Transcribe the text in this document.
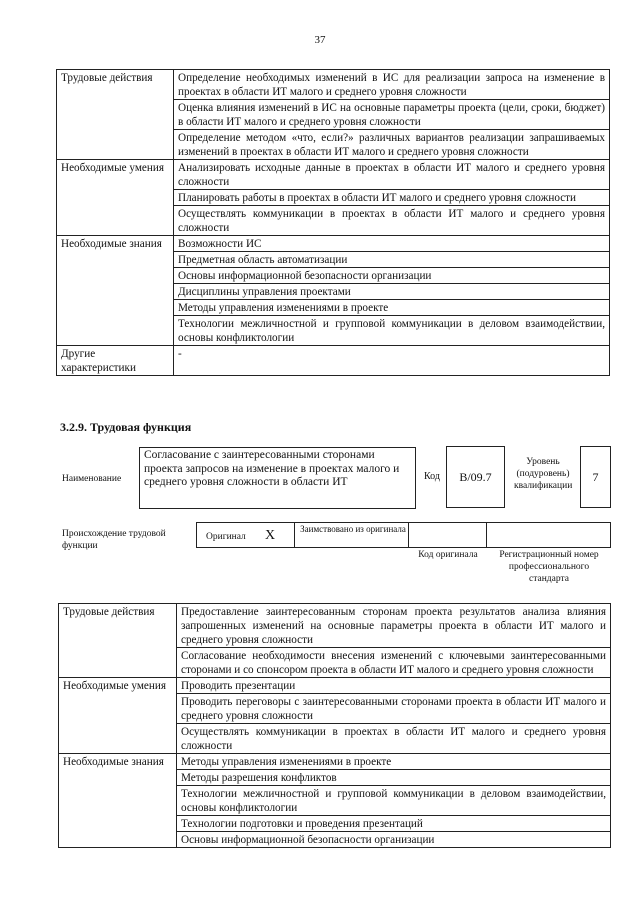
37
Трудовые действия	Определение необходимых изменений в ИС для реализации запроса на изменение в проектах в области ИТ малого и среднего уровня сложности
	Оценка влияния изменений в ИС на основные параметры проекта (цели, сроки, бюджет) в области ИТ малого и среднего уровня сложности
	Определение методом «что, если?» различных вариантов реализации запрашиваемых изменений в проектах в области ИТ малого и среднего уровня сложности
Необходимые умения	Анализировать исходные данные в проектах в области ИТ малого и среднего уровня сложности
	Планировать работы в проектах в области ИТ малого и среднего уровня сложности
	Осуществлять коммуникации в проектах в области ИТ малого и среднего уровня сложности
Необходимые знания	Возможности ИС
	Предметная область автоматизации
	Основы информационной безопасности организации
	Дисциплины управления проектами
	Методы управления изменениями в проекте
	Технологии межличностной и групповой коммуникации в деловом взаимодействии, основы конфликтологии
Другие характеристики	-
3.2.9. Трудовая функция
Наименование
Согласование с заинтересованными сторонами проекта запросов на изменение в проектах малого и среднего уровня сложности в области ИТ	Код	B/09.7
Уровень (подуровень) квалификации
7
Происхождение трудовой функции
Оригинал X	Заимствовано из оригинала
Код оригинала	Регистрационный номер профессионального стандарта
Трудовые действия	Предоставление заинтересованным сторонам проекта результатов анализа влияния запрошенных изменений на основные параметры проекта в области ИТ малого и среднего уровня сложности
	Согласование необходимости внесения изменений с ключевыми заинтересованными сторонами и со спонсором проекта в области ИТ малого и среднего уровня сложности
Необходимые умения	Проводить презентации
	Проводить переговоры с заинтересованными сторонами проекта в области ИТ малого и среднего уровня сложности
	Осуществлять коммуникации в проектах в области ИТ малого и среднего уровня сложности
Необходимые знания	Методы управления изменениями в проекте
	Методы разрешения конфликтов
	Технологии межличностной и групповой коммуникации в деловом взаимодействии, основы конфликтологии
	Технологии подготовки и проведения презентаций
	Основы информационной безопасности организации
